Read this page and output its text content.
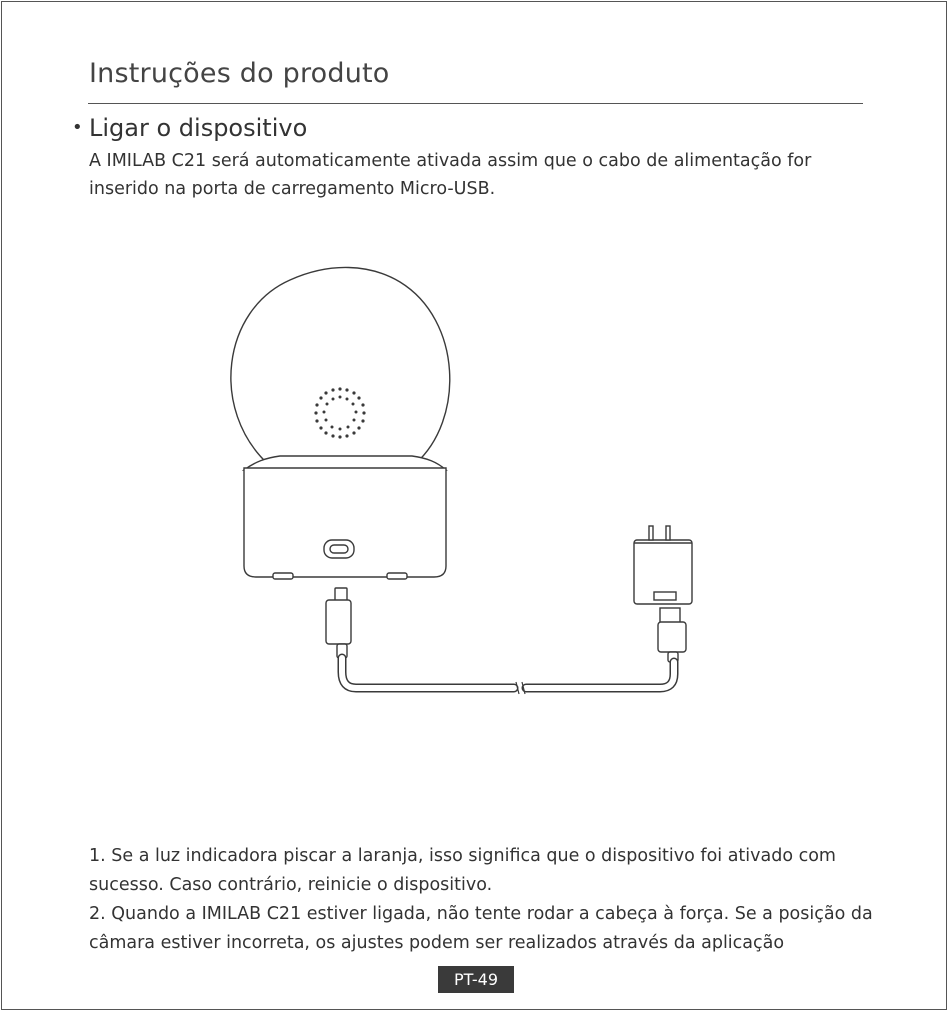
Instruções do produto
• Ligar o dispositivo
A IMILAB C21 será automaticamente ativada assim que o cabo de alimentação for inserido na porta de carregamento Micro-USB.

1. Se a luz indicadora piscar a laranja, isso significa que o dispositivo foi ativado com sucesso. Caso contrário, reinicie o dispositivo.

2. Quando a IMILAB C21 estiver ligada, não tente rodar a cabeça à força. Se a posição da câmara estiver incorreta, os ajustes podem ser realizados através da aplicação

PT-49
